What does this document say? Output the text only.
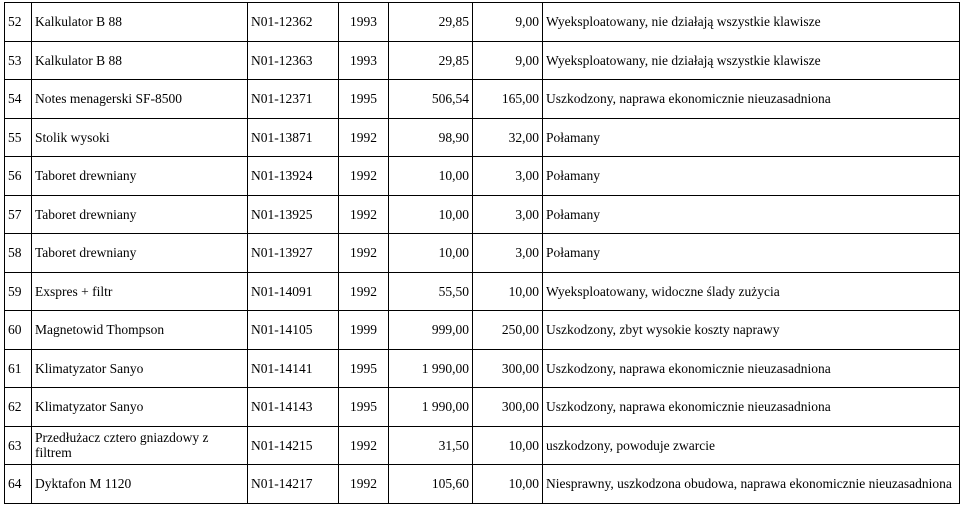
52	Kalkulator B 88	N01-12362	1993	29,85	9,00	Wyeksploatowany, nie działają wszystkie klawisze
53	Kalkulator B 88	N01-12363	1993	29,85	9,00	Wyeksploatowany, nie działają wszystkie klawisze
54	Notes menagerski SF-8500	N01-12371	1995	506,54	165,00	Uszkodzony, naprawa ekonomicznie nieuzasadniona
55	Stolik wysoki	N01-13871	1992	98,90	32,00	Połamany
56	Taboret drewniany	N01-13924	1992	10,00	3,00	Połamany
57	Taboret drewniany	N01-13925	1992	10,00	3,00	Połamany
58	Taboret drewniany	N01-13927	1992	10,00	3,00	Połamany
59	Exspres + filtr	N01-14091	1992	55,50	10,00	Wyeksploatowany, widoczne ślady zużycia
60	Magnetowid Thompson	N01-14105	1999	999,00	250,00	Uszkodzony, zbyt wysokie koszty naprawy
61	Klimatyzator Sanyo	N01-14141	1995	1 990,00	300,00	Uszkodzony, naprawa ekonomicznie nieuzasadniona
62	Klimatyzator Sanyo	N01-14143	1995	1 990,00	300,00	Uszkodzony, naprawa ekonomicznie nieuzasadniona
63	Przedłużacz cztero gniazdowy z filtrem	N01-14215	1992	31,50	10,00	uszkodzony, powoduje zwarcie
64	Dyktafon M 1120	N01-14217	1992	105,60	10,00	Niesprawny, uszkodzona obudowa, naprawa ekonomicznie nieuzasadniona
